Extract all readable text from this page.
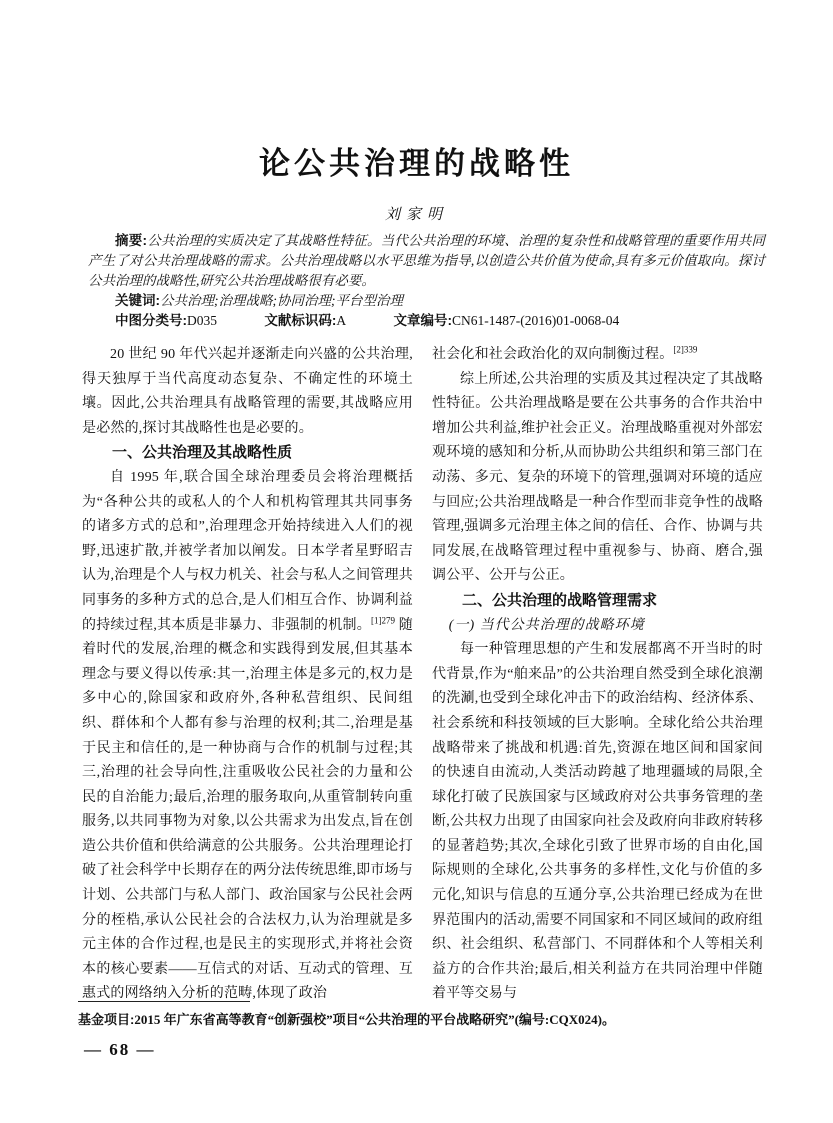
论公共治理的战略性
刘家明

摘要:公共治理的实质决定了其战略性特征。当代公共治理的环境、治理的复杂性和战略管理的重要作用共同产生了对公共治理战略的需求。公共治理战略以水平思维为指导,以创造公共价值为使命,具有多元价值取向。探讨公共治理的战略性,研究公共治理战略很有必要。

关键词:公共治理;治理战略;协同治理;平台型治理

中图分类号:D035	文献标识码:A	文章编号:CN61-1487-(2016)01-0068-04

20 世纪 90 年代兴起并逐渐走向兴盛的公共治理,得天独厚于当代高度动态复杂、不确定性的环境土壤。因此,公共治理具有战略管理的需要,其战略应用是必然的,探讨其战略性也是必要的。

一、公共治理及其战略性质

自 1995 年,联合国全球治理委员会将治理概括为“各种公共的或私人的个人和机构管理其共同事务的诸多方式的总和”,治理理念开始持续进入人们的视野,迅速扩散,并被学者加以阐发。日本学者星野昭吉认为,治理是个人与权力机关、社会与私人之间管理共同事务的多种方式的总合,是人们相互合作、协调利益的持续过程,其本质是非暴力、非强制的机制。$^{[1]279}$ 随着时代的发展,治理的概念和实践得到发展,但其基本理念与要义得以传承:其一,治理主体是多元的,权力是多中心的,除国家和政府外,各种私营组织、民间组织、群体和个人都有参与治理的权利;其二,治理是基于民主和信任的,是一种协商与合作的机制与过程;其三,治理的社会导向性,注重吸收公民社会的力量和公民的自治能力;最后,治理的服务取向,从重管制转向重服务,以共同事物为对象,以公共需求为出发点,旨在创造公共价值和供给满意的公共服务。公共治理理论打破了社会科学中长期存在的两分法传统思维,即市场与计划、公共部门与私人部门、政治国家与公民社会两分的桎梏,承认公民社会的合法权力,认为治理就是多元主体的合作过程,也是民主的实现形式,并将社会资本的核心要素——互信式的对话、互动式的管理、互惠式的网络纳入分析的范畴,体现了政治

社会化和社会政治化的双向制衡过程。$^{[2]339}$

综上所述,公共治理的实质及其过程决定了其战略性特征。公共治理战略是要在公共事务的合作共治中增加公共利益,维护社会正义。治理战略重视对外部宏观环境的感知和分析,从而协助公共组织和第三部门在动荡、多元、复杂的环境下的管理,强调对环境的适应与回应;公共治理战略是一种合作型而非竞争性的战略管理,强调多元治理主体之间的信任、合作、协调与共同发展,在战略管理过程中重视参与、协商、磨合,强调公平、公开与公正。

二、公共治理的战略管理需求

(一) 当代公共治理的战略环境

每一种管理思想的产生和发展都离不开当时的时代背景,作为“舶来品”的公共治理自然受到全球化浪潮的洗涮,也受到全球化冲击下的政治结构、经济体系、社会系统和科技领域的巨大影响。全球化给公共治理战略带来了挑战和机遇:首先,资源在地区间和国家间的快速自由流动,人类活动跨越了地理疆域的局限,全球化打破了民族国家与区域政府对公共事务管理的垄断,公共权力出现了由国家向社会及政府向非政府转移的显著趋势;其次,全球化引致了世界市场的自由化,国际规则的全球化,公共事务的多样性,文化与价值的多元化,知识与信息的互通分享,公共治理已经成为在世界范围内的活动,需要不同国家和不同区域间的政府组织、社会组织、私营部门、不同群体和个人等相关利益方的合作共治;最后,相关利益方在共同治理中伴随着平等交易与

基金项目:2015 年广东省高等教育“创新强校”项目“公共治理的平台战略研究”(编号:CQX024)。

— 68 —
